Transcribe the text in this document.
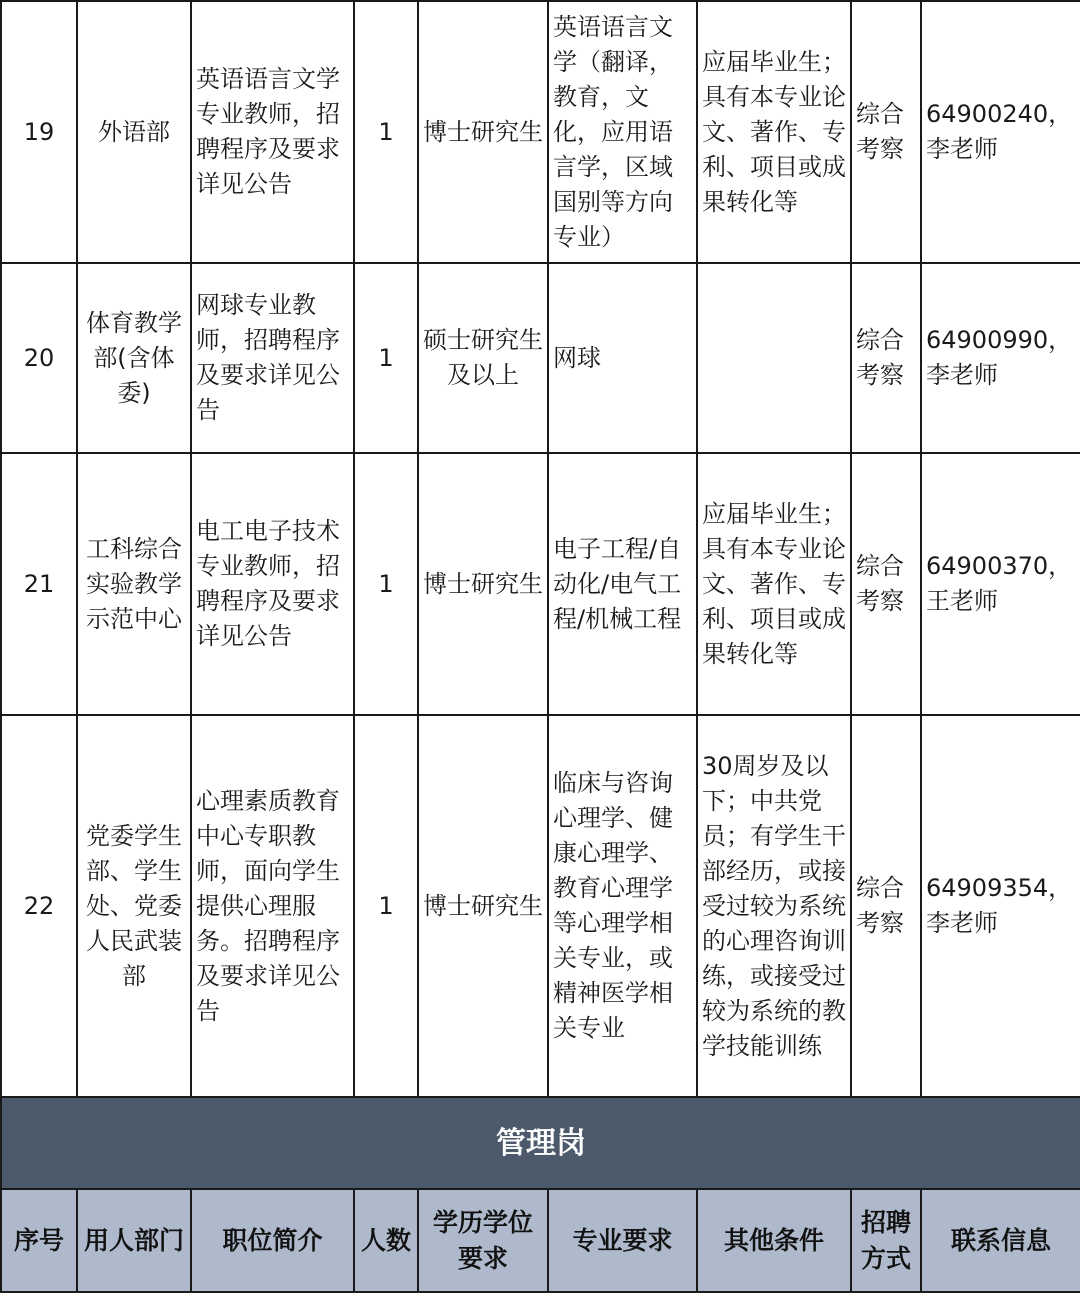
19	外语部	英语语言文学专业教师，招聘程序及要求详见公告	1	博士研究生	英语语言文学（翻译，教育，文化，应用语言学，区域国别等方向专业）	应届毕业生；具有本专业论文、著作、专利、项目或成果转化等	综合考察	64900240，李老师
20	体育教学部(含体委)	网球专业教师，招聘程序及要求详见公告	1	硕士研究生及以上	网球		综合考察	64900990，李老师
21	工科综合实验教学示范中心	电工电子技术专业教师，招聘程序及要求详见公告	1	博士研究生	电子工程/自动化/电气工程/机械工程	应届毕业生；具有本专业论文、著作、专利、项目或成果转化等	综合考察	64900370，王老师
22	党委学生部、学生处、党委人民武装部	心理素质教育中心专职教师，面向学生提供心理服务。招聘程序及要求详见公告	1	博士研究生	临床与咨询心理学、健康心理学、教育心理学等心理学相关专业，或精神医学相关专业	30周岁及以下；中共党员；有学生干部经历，或接受过较为系统的心理咨询训练，或接受过较为系统的教学技能训练	综合考察	64909354，李老师
管理岗								
序号	用人部门	职位简介	人数	学历学位要求	专业要求	其他条件	招聘方式	联系信息
